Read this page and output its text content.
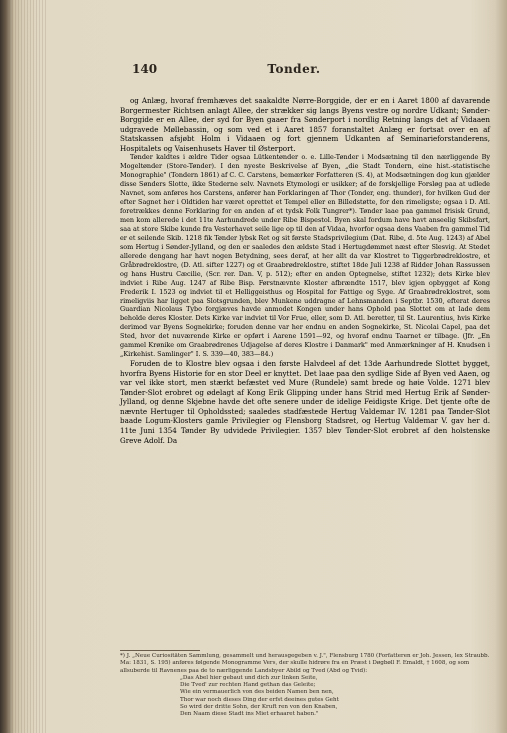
140	Tonder.

og Anlæg, hvoraf fremhæves det saakaldte Nørre-Borggide, der er en i Aaret 1800 af davarende Borgermester Richtsen anlagt Allee, der strækker sig langs Byens vestre og nordre Udkant; Sønder-Borggide er en Allee, der syd for Byen gaaer fra Sønderport i nordlig Retning langs det af Vidaaen udgravede Møllebassin, og som ved et i Aaret 1857 foranstaltet Anlæg er fortsat over en af Statskassen afsjøbt Holm i Vidaaen og fort gjennem Udkanten af Seminarieforstanderens, Hospitalets og Vaisenhusets Haver til Østerport.

Tønder kaldtes i ældre Tider ogsaa Lütkentønder o. e. Lille-Tønder i Modsætning til den nærliggende By Mogeltønder (Store-Tønder). I den nyeste Beskrivelse af Byen, „die Stadt Tondern, eine hist.-statistische Monographie" (Tondern 1861) af C. C. Carstens, bemærker Forfatteren (S. 4), at Modsætningen dog kun gjælder disse Sønders Slotte, ikke Stederne selv. Navnets Etymologi er usikker; af de forskjellige Forsløg paa at udlede Navnet, som anføres hos Carstens, anfører han Forklaringen af Thor (Tonder, eng. thunder), for hvilken Gud der efter Sagnet her i Oldtiden har været oprettet et Tempel eller en Billedstøtte, for den rimeligste; ogsaa i D. Atl. foretrækkes denne Forklaring for en anden af et tydsk Folk Tungrer*). Tønder laae paa gammel frisisk Grund, men kom allerede i det 11te Aarhundrede under Ribe Bispestol. Byen skal fordum have havt anseelig Skibsfart, saa at store Skibe kunde fra Vesterhavet seile lige op til den af Vidaa, hvorfor ogsaa dens Vaaben fra gammel Tid er et seilende Skib. 1218 fik Tønder lybsk Ret og sit første Stadsprivilegium (Dat. Ribe, d. 5te Aug. 1243) af Abel som Hertug i Sønder-Jylland, og den er saaledes den ældste Stad i Hertugdømmet næst efter Slesvig. At Stedet allerede dengang har havt nogen Betydning, sees deraf, at her allt da var Klostret to Tiggerbrødreklostre, et Gråbrødreklostre, (D. Atl. sifter 1227) og et Graabrødreklostre, stiftet 18de Juli 1238 af Ridder Johan Rassussen og hans Hustru Cæcilie, (Scr. rer. Dan. V, p. 512); efter en anden Optegnelse, stiftet 1232); dets Kirke blev indviet i Ribe Aug. 1247 af Ribe Bisp. Førstnævnte Kloster afbrændte 1517, blev igjen opbygget af Kong Frederik I. 1523 og indviet til et Helliggeisthus og Hospital for Fattige og Syge. Af Graabrødreklostret, som rimeligviis har ligget paa Slotsgrunden, blev Munkene uddragne af Lehnsmanden i Septbr. 1530, efterat deres Guardian Nicolaus Tybo forgjæves havde anmodet Kongen under hans Ophold paa Slottet om at lade dem beholde deres Kloster. Dets Kirke var indviet til Vor Frue, eller, som D. Atl. beretter, til St. Laurentius, hvis Kirke derimod var Byens Sognekirke; foruden denne var her endnu en anden Sognekirke, St. Nicolai Capel, paa det Sted, hvor det nuværende Kirke er opført i Aarene 1591—92, og hvoraf endnu Taarnet er tilbage. (Jfr. „En gammel Krønike om Graabrødrenes Udjagelse af deres Klostre i Danmark" med Anmærkninger af H. Knudsen i „Kirkehist. Samlinger" I. S. 339—40, 383—84.)

Foruden de to Klostre blev ogsaa i den første Halvdeel af det 13de Aarhundrede Slottet bygget, hvorfra Byens Historie for en stor Deel er knyttet. Det laae paa den sydlige Side af Byen ved Aaen, og var vel ikke stort, men stærkt befæstet ved Mure (Rundele) samt brede og høie Volde. 1271 blev Tønder-Slot erobret og ødelagt af Kong Erik Glipping under hans Strid med Hertug Erik af Sønder-Jylland, og denne Skjebne havde det ofte senere under de idelige Feidigste Krige. Det tjente ofte de nævnte Hertuger til Opholdssted; saaledes stadfæstede Hertug Valdemar IV. 1281 paa Tønder-Slot baade Logum-Klosters gamle Privilegier og Flensborg Stadsret, og Hertug Valdemar V. gav her d. 11te Juni 1354 Tønder By udvidede Privilegier. 1357 blev Tønder-Slot erobret af den holstenske Greve Adolf. Da

*) J. „Neue Curiositäten Sammlung, gesammelt und herausgegeben v. J.", Flensburg 1780 (Forfatteren er Joh. Jessen, lex Straubb. Ma: 1831, S. 195) anføres følgende Monogramme Vers, der skulle hidrøre fra en Præst i Døgbøll F. Emaldt, † 1608, og som allsuberde til Ravnenes paa de to nærliggende Landsbyer Abild og Tved (Abd og Tvid):
„Das Abel hier gebaut und dich zur linken Seite,
Die Tved' zur rechten Hand gethan das Geleite;
Wie ein vermauerlich von des beiden Namen ben nen,
Thor war noch dieses Ding der erfst deeines gutes Geht
So wird der dritte Sohn, der Kruft ren von den Knaben,
Den Naam diese Stadt ins Miet erhaaret haben."
